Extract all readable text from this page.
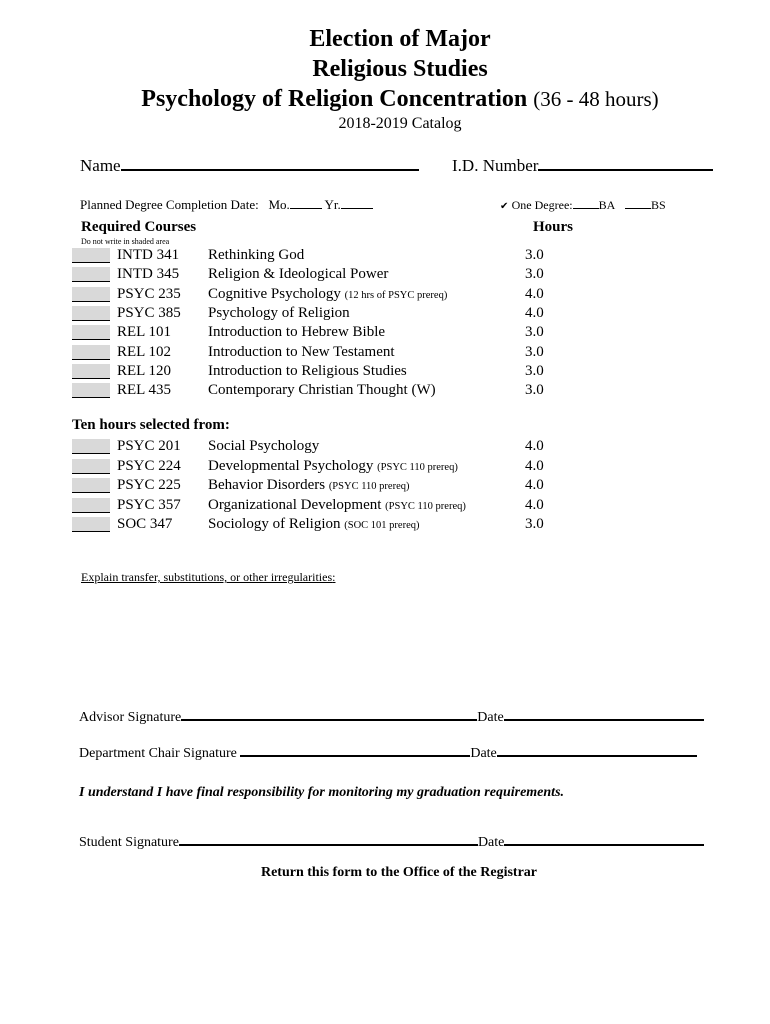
Election of Major
Religious Studies
Psychology of Religion Concentration (36 - 48 hours)
2018-2019 Catalog
Name	I.D. Number
Planned Degree Completion Date: Mo.	Yr.	✔ One Degree: BA	BS
Required Courses	Hours
Do not write in shaded area
INTD 341 Rethinking God	3.0
INTD 345 Religion & Ideological Power	3.0
PSYC 235 Cognitive Psychology (12 hrs of PSYC prereq)	4.0
PSYC 385 Psychology of Religion	4.0
REL 101 Introduction to Hebrew Bible	3.0
REL 102 Introduction to New Testament	3.0
REL 120 Introduction to Religious Studies	3.0
REL 435 Contemporary Christian Thought (W)	3.0
Ten hours selected from:
PSYC 201 Social Psychology	4.0
PSYC 224 Developmental Psychology (PSYC 110 prereq)	4.0
PSYC 225 Behavior Disorders (PSYC 110 prereq)	4.0
PSYC 357 Organizational Development (PSYC 110 prereq)	4.0
SOC 347 Sociology of Religion (SOC 101 prereq)	3.0
Explain transfer, substitutions, or other irregularities:
Advisor Signature	Date
Department Chair Signature	Date
I understand I have final responsibility for monitoring my graduation requirements.
Student Signature	Date
Return this form to the Office of the Registrar
